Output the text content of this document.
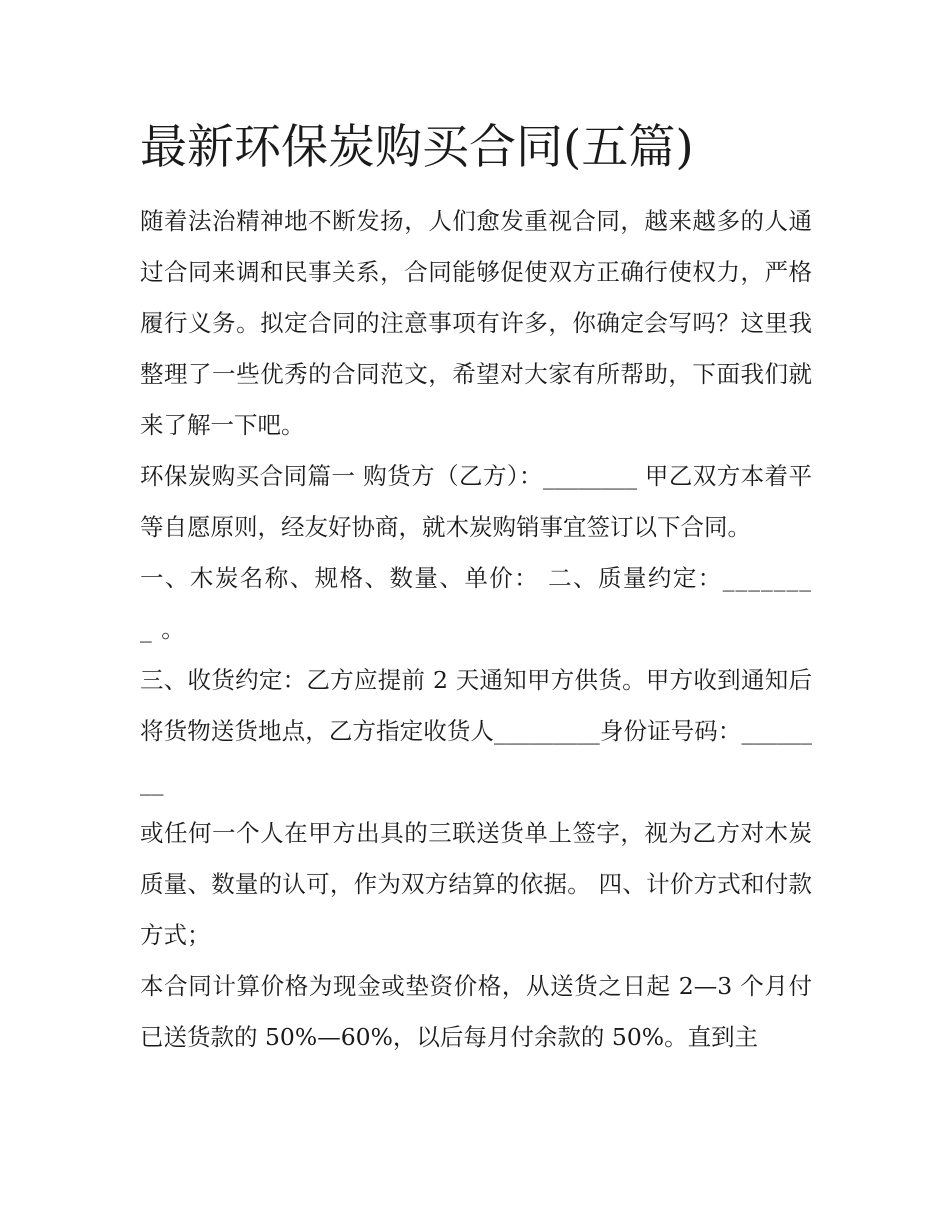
最新环保炭购买合同(五篇)

随着法治精神地不断发扬，人们愈发重视合同，越来越多的人通过合同来调和民事关系，合同能够促使双方正确行使权力，严格履行义务。拟定合同的注意事项有许多，你确定会写吗？这里我整理了一些优秀的合同范文，希望对大家有所帮助，下面我们就来了解一下吧。

环保炭购买合同篇一 购货方（乙方）：________ 甲乙双方本着平等自愿原则，经友好协商，就木炭购销事宜签订以下合同。

一、木炭名称、规格、数量、单价： 二、质量约定：________ 。

三、收货约定：乙方应提前 2 天通知甲方供货。甲方收到通知后将货物送货地点，乙方指定收货人_________身份证号码：________

或任何一个人在甲方出具的三联送货单上签字，视为乙方对木炭质量、数量的认可，作为双方结算的依据。 四、计价方式和付款方式；

本合同计算价格为现金或垫资价格，从送货之日起 2—3 个月付已送货款的 50%—60%，以后每月付余款的 50%。直到主
